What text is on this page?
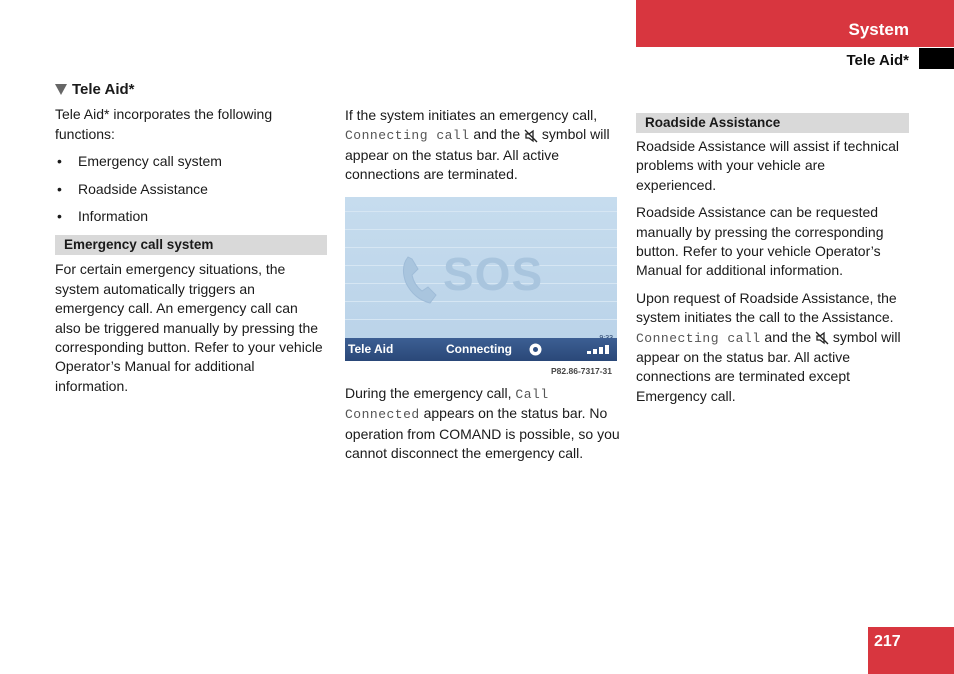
System
Tele Aid*
Tele Aid*

Tele Aid* incorporates the following functions:

• Emergency call system
• Roadside Assistance
• Information
Emergency call system

For certain emergency situations, the system automatically triggers an emergency call. An emergency call can also be triggered manually by pressing the corresponding button. Refer to your vehicle Operator’s Manual for additional information.

If the system initiates an emergency call, Connecting call and the symbol will appear on the status bar. All active connections are terminated.

SOS
Tele Aid	Connecting
P82.86-7317-31

During the emergency call, Call Connected appears on the status bar. No operation from COMAND is possible, so you cannot disconnect the emergency call.

Roadside Assistance

Roadside Assistance will assist if technical problems with your vehicle are experienced.

Roadside Assistance can be requested manually by pressing the corresponding button. Refer to your vehicle Operator’s Manual for additional information.

Upon request of Roadside Assistance, the system initiates the call to the Assistance. Connecting call and the symbol will appear on the status bar. All active connections are terminated except Emergency call.

217
